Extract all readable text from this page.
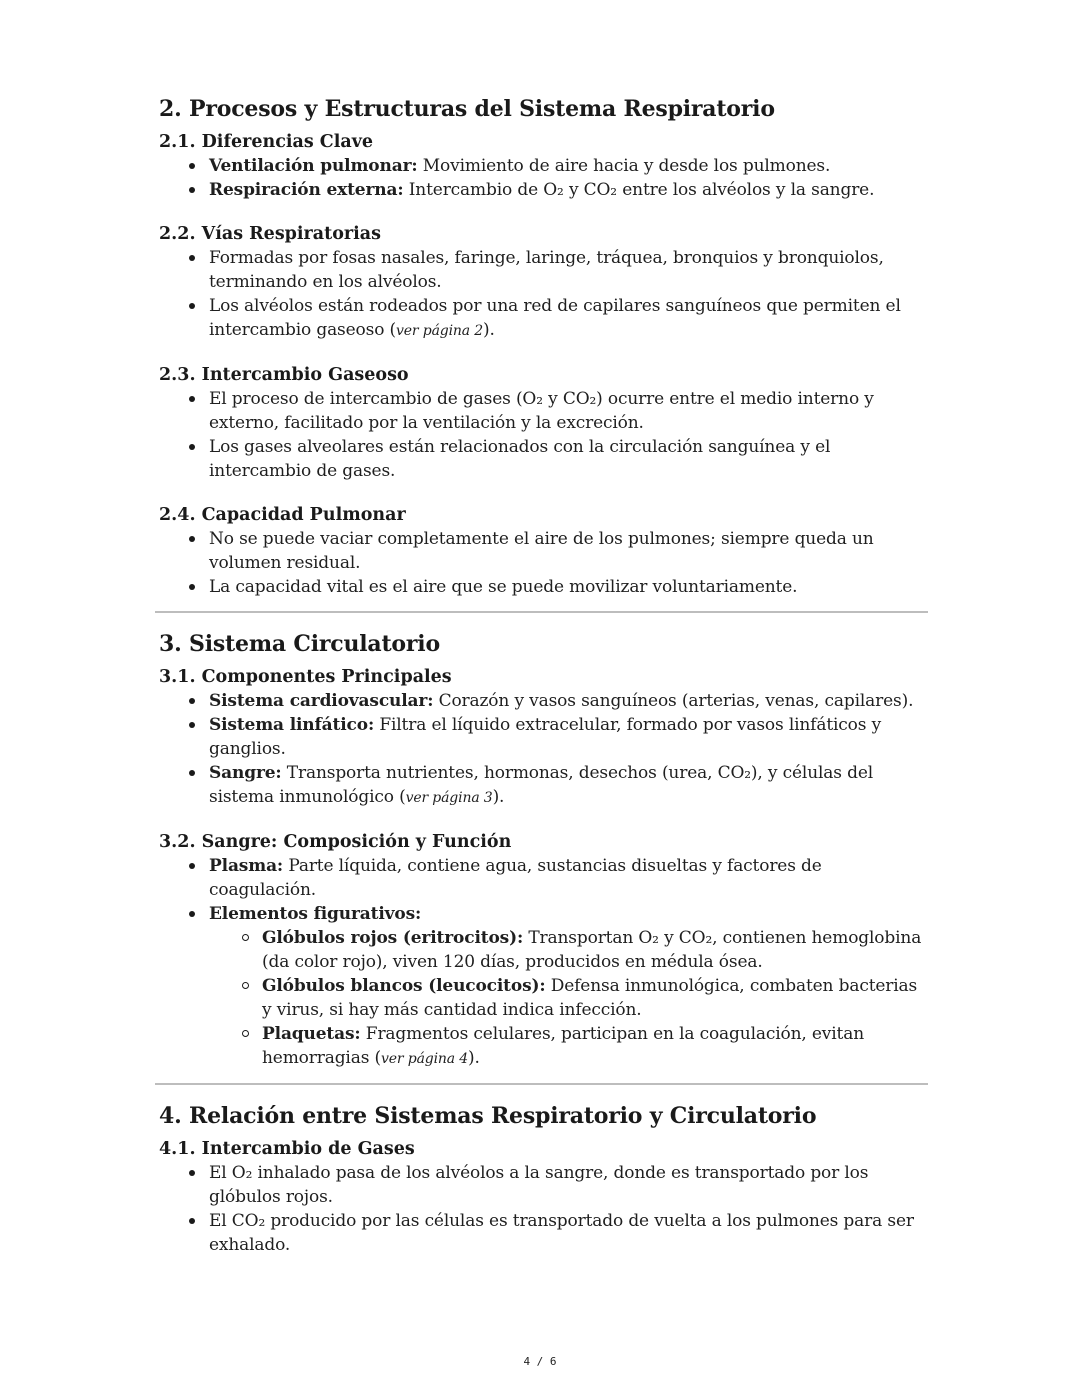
2. Procesos y Estructuras del Sistema Respiratorio
2.1. Diferencias Clave
Ventilación pulmonar: Movimiento de aire hacia y desde los pulmones.
Respiración externa: Intercambio de O₂ y CO₂ entre los alvéolos y la sangre.
2.2. Vías Respiratorias
Formadas por fosas nasales, faringe, laringe, tráquea, bronquios y bronquiolos, terminando en los alvéolos.
Los alvéolos están rodeados por una red de capilares sanguíneos que permiten el intercambio gaseoso (ver página 2).
2.3. Intercambio Gaseoso
El proceso de intercambio de gases (O₂ y CO₂) ocurre entre el medio interno y externo, facilitado por la ventilación y la excreción.
Los gases alveolares están relacionados con la circulación sanguínea y el intercambio de gases.
2.4. Capacidad Pulmonar
No se puede vaciar completamente el aire de los pulmones; siempre queda un volumen residual.
La capacidad vital es el aire que se puede movilizar voluntariamente.
3. Sistema Circulatorio
3.1. Componentes Principales
Sistema cardiovascular: Corazón y vasos sanguíneos (arterias, venas, capilares).
Sistema linfático: Filtra el líquido extracelular, formado por vasos linfáticos y ganglios.
Sangre: Transporta nutrientes, hormonas, desechos (urea, CO₂), y células del sistema inmunológico (ver página 3).
3.2. Sangre: Composición y Función
Plasma: Parte líquida, contiene agua, sustancias disueltas y factores de coagulación.
Elementos figurativos:
Glóbulos rojos (eritrocitos): Transportan O₂ y CO₂, contienen hemoglobina (da color rojo), viven 120 días, producidos en médula ósea.
Glóbulos blancos (leucocitos): Defensa inmunológica, combaten bacterias y virus, si hay más cantidad indica infección.
Plaquetas: Fragmentos celulares, participan en la coagulación, evitan hemorragias (ver página 4).
4. Relación entre Sistemas Respiratorio y Circulatorio
4.1. Intercambio de Gases
El O₂ inhalado pasa de los alvéolos a la sangre, donde es transportado por los glóbulos rojos.
El CO₂ producido por las células es transportado de vuelta a los pulmones para ser exhalado.
4 / 6
